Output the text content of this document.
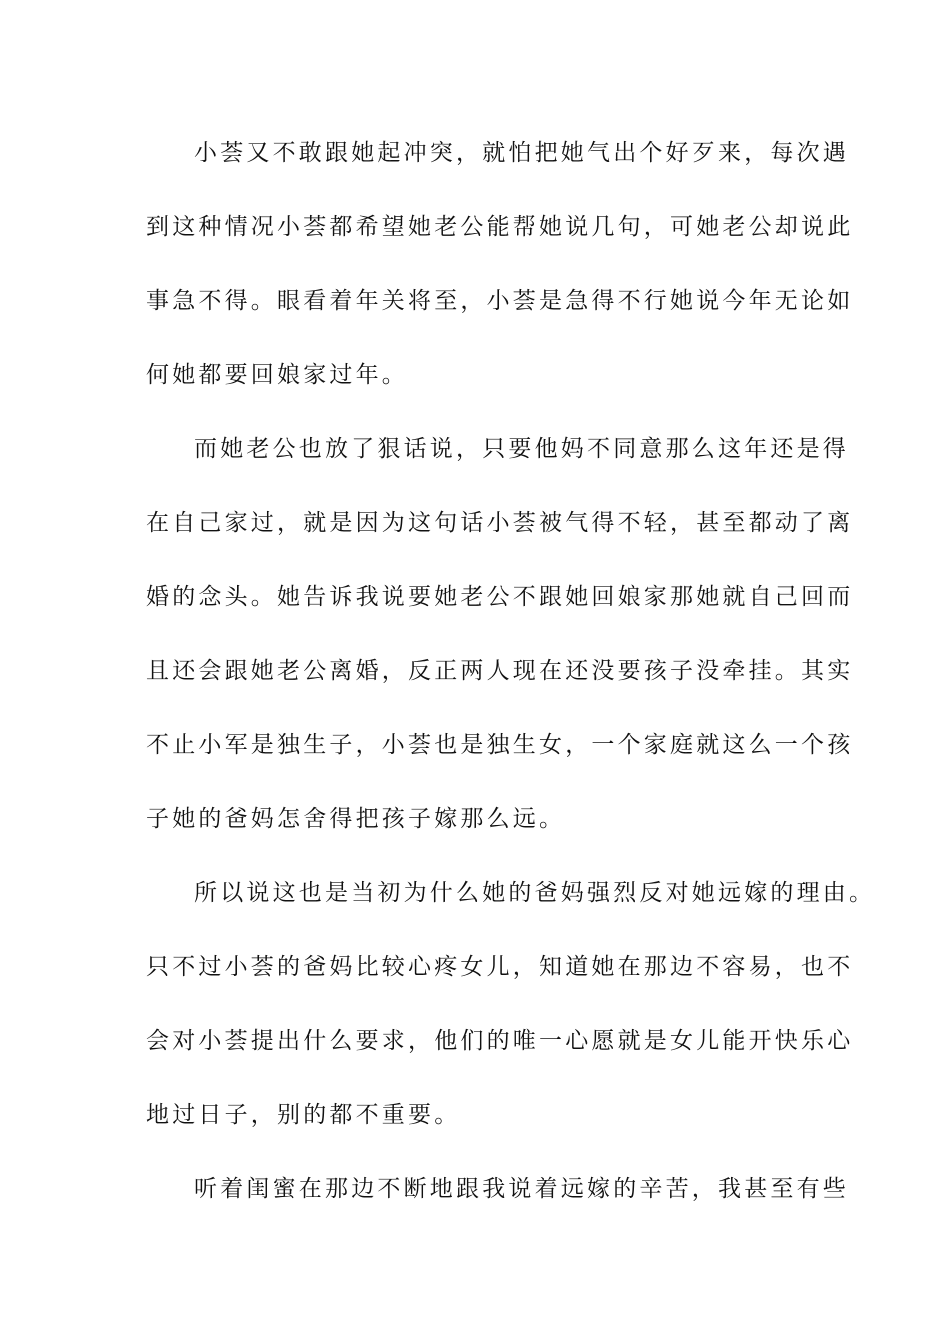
小荟又不敢跟她起冲突，就怕把她气出个好歹来，每次遇
到这种情况小荟都希望她老公能帮她说几句，可她老公却说此
事急不得。眼看着年关将至，小荟是急得不行她说今年无论如
何她都要回娘家过年。
而她老公也放了狠话说，只要他妈不同意那么这年还是得
在自己家过，就是因为这句话小荟被气得不轻，甚至都动了离
婚的念头。她告诉我说要她老公不跟她回娘家那她就自己回而
且还会跟她老公离婚，反正两人现在还没要孩子没牵挂。其实
不止小军是独生子，小荟也是独生女，一个家庭就这么一个孩
子她的爸妈怎舍得把孩子嫁那么远。
所以说这也是当初为什么她的爸妈强烈反对她远嫁的理由。
只不过小荟的爸妈比较心疼女儿，知道她在那边不容易，也不
会对小荟提出什么要求，他们的唯一心愿就是女儿能开快乐心
地过日子，别的都不重要。
听着闺蜜在那边不断地跟我说着远嫁的辛苦，我甚至有些
